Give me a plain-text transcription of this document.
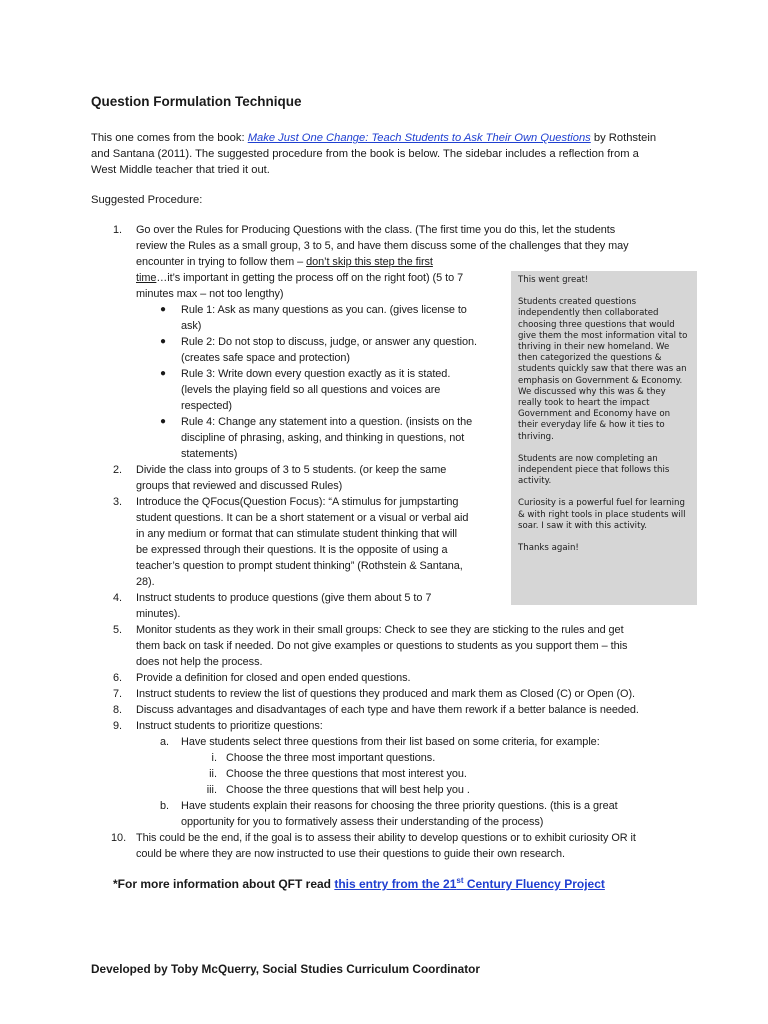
Question Formulation Technique
This one comes from the book: Make Just One Change: Teach Students to Ask Their Own Questions by Rothstein and Santana (2011). The suggested procedure from the book is below. The sidebar includes a reflection from a West Middle teacher that tried it out.
Suggested Procedure:
1. Go over the Rules for Producing Questions with the class. (The first time you do this, let the students
review the Rules as a small group, 3 to 5, and have them discuss some of the challenges that they may
encounter in trying to follow them – don’t skip this step the first
time…it’s important in getting the process off on the right foot) (5 to 7
minutes max – not too lengthy)
● Rule 1: Ask as many questions as you can. (gives license to
ask)
● Rule 2: Do not stop to discuss, judge, or answer any question.
(creates safe space and protection)
● Rule 3: Write down every question exactly as it is stated.
(levels the playing field so all questions and voices are
respected)
● Rule 4: Change any statement into a question. (insists on the
discipline of phrasing, asking, and thinking in questions, not
statements)
2. Divide the class into groups of 3 to 5 students. (or keep the same
groups that reviewed and discussed Rules)
3. Introduce the QFocus(Question Focus): “A stimulus for jumpstarting
student questions. It can be a short statement or a visual or verbal aid
in any medium or format that can stimulate student thinking that will
be expressed through their questions. It is the opposite of using a
teacher’s question to prompt student thinking” (Rothstein & Santana,
28).
4. Instruct students to produce questions (give them about 5 to 7
minutes).
5. Monitor students as they work in their small groups: Check to see they are sticking to the rules and get
them back on task if needed. Do not give examples or questions to students as you support them – this
does not help the process.
6. Provide a definition for closed and open ended questions.
7. Instruct students to review the list of questions they produced and mark them as Closed (C) or Open (O).
8. Discuss advantages and disadvantages of each type and have them rework if a better balance is needed.
9. Instruct students to prioritize questions:
a. Have students select three questions from their list based on some criteria, for example:
i. Choose the three most important questions.
ii. Choose the three questions that most interest you.
iii. Choose the three questions that will best help you .
b. Have students explain their reasons for choosing the three priority questions. (this is a great
opportunity for you to formatively assess their understanding of the process)
10. This could be the end, if the goal is to assess their ability to develop questions or to exhibit curiosity OR it
could be where they are now instructed to use their questions to guide their own research.

This went great!

Students created questions independently then collaborated choosing three questions that would give them the most information vital to thriving in their new homeland. We then categorized the questions & students quickly saw that there was an emphasis on Government & Economy. We discussed why this was & they really took to heart the impact Government and Economy have on their everyday life & how it ties to thriving.

Students are now completing an independent piece that follows this activity.

Curiosity is a powerful fuel for learning & with right tools in place students will soar. I saw it with this activity.

Thanks again!

*For more information about QFT read this entry from the 21st Century Fluency Project
Developed by Toby McQuerry, Social Studies Curriculum Coordinator
